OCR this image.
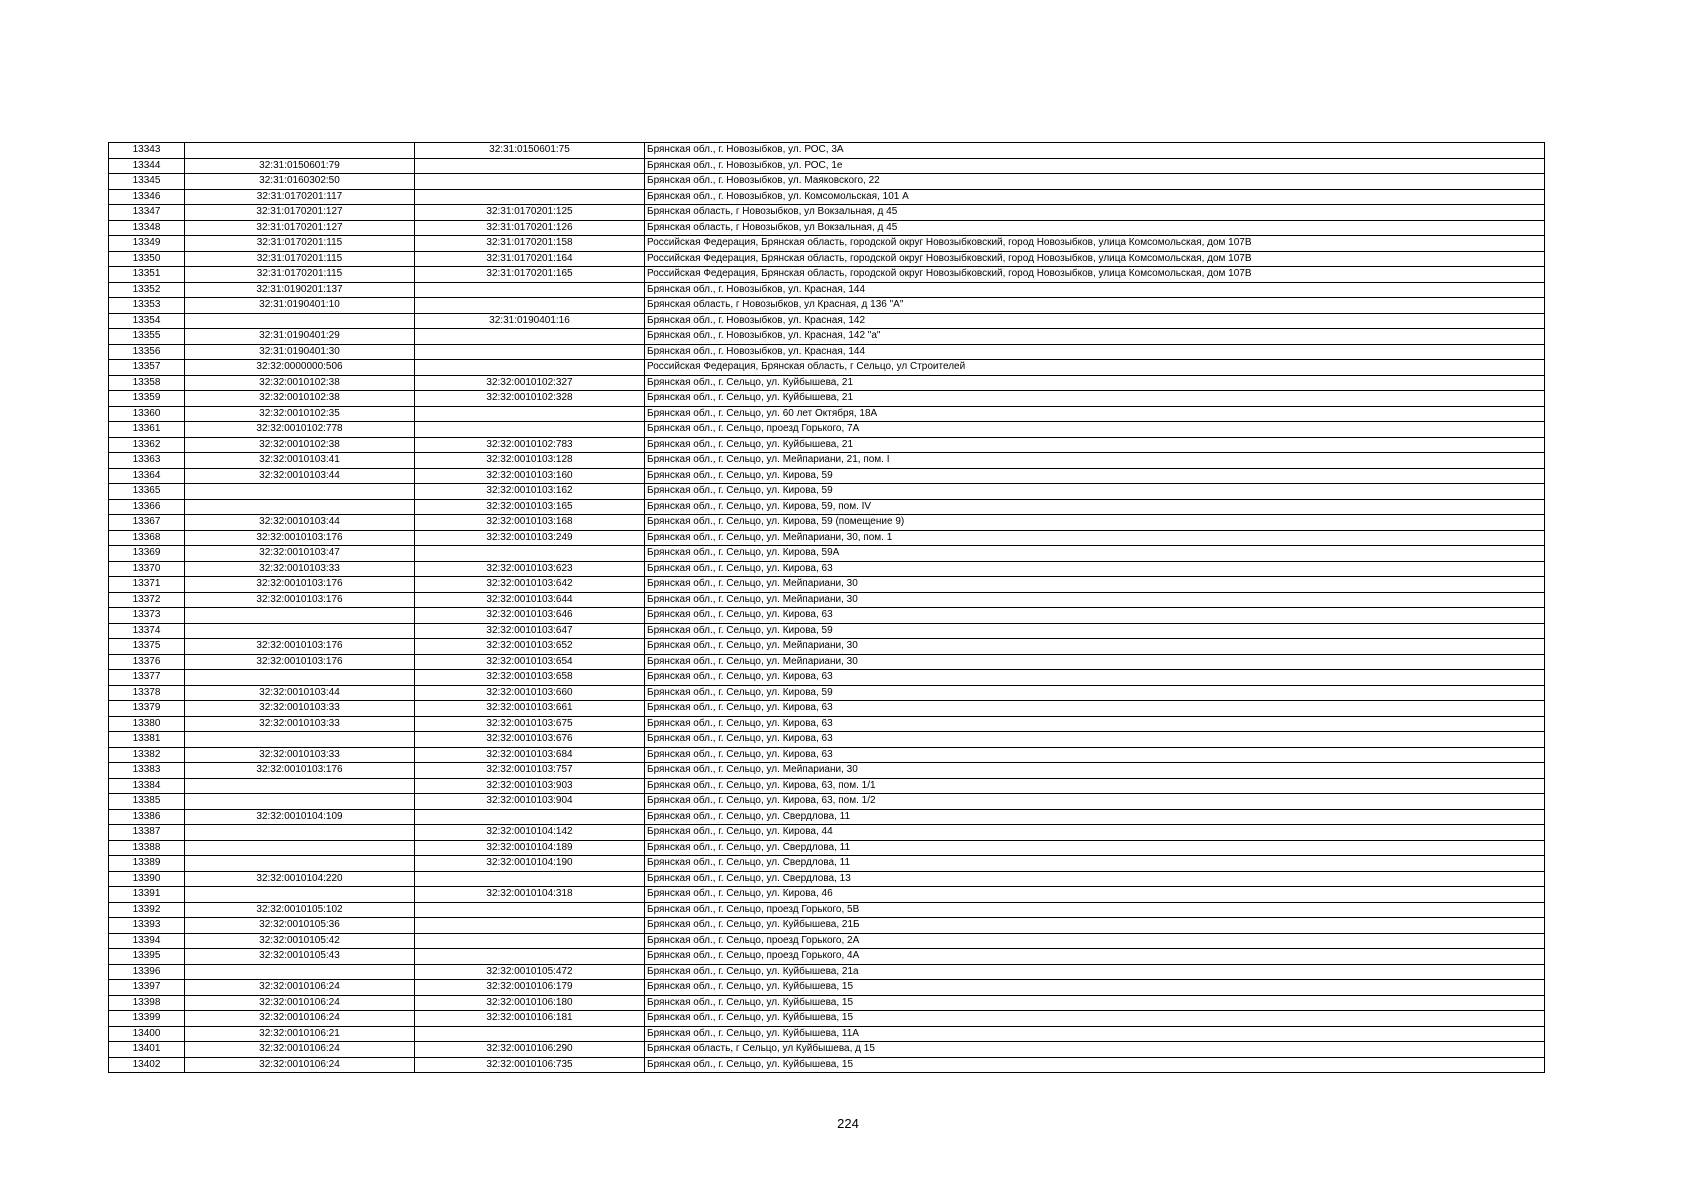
13343		32:31:0150601:75	Брянская обл., г. Новозыбков, ул. РОС, 3А
13344	32:31:0150601:79		Брянская обл., г. Новозыбков, ул. РОС, 1е
13345	32:31:0160302:50		Брянская обл., г. Новозыбков, ул. Маяковского, 22
13346	32:31:0170201:117		Брянская обл., г. Новозыбков, ул. Комсомольская, 101 А
13347	32:31:0170201:127	32:31:0170201:125	Брянская область, г Новозыбков, ул Вокзальная, д 45
13348	32:31:0170201:127	32:31:0170201:126	Брянская область, г Новозыбков, ул Вокзальная, д 45
13349	32:31:0170201:115	32:31:0170201:158	Российская Федерация, Брянская область, городской округ Новозыбковский, город Новозыбков, улица Комсомольская, дом 107В
13350	32:31:0170201:115	32:31:0170201:164	Российская Федерация, Брянская область, городской округ Новозыбковский, город Новозыбков, улица Комсомольская, дом 107В
13351	32:31:0170201:115	32:31:0170201:165	Российская Федерация, Брянская область, городской округ Новозыбковский, город Новозыбков, улица Комсомольская, дом 107В
13352	32:31:0190201:137		Брянская обл., г. Новозыбков, ул. Красная, 144
13353	32:31:0190401:10		Брянская область, г Новозыбков, ул Красная, д 136 "А"
13354		32:31:0190401:16	Брянская обл., г. Новозыбков, ул. Красная, 142
13355	32:31:0190401:29		Брянская обл., г. Новозыбков, ул. Красная, 142 "а"
13356	32:31:0190401:30		Брянская обл., г. Новозыбков, ул. Красная, 144
13357	32:32:0000000:506		Российская Федерация, Брянская область, г Сельцо, ул Строителей
13358	32:32:0010102:38	32:32:0010102:327	Брянская обл., г. Сельцо, ул. Куйбышева, 21
13359	32:32:0010102:38	32:32:0010102:328	Брянская обл., г. Сельцо, ул. Куйбышева, 21
13360	32:32:0010102:35		Брянская обл., г. Сельцо, ул. 60 лет Октября, 18А
13361	32:32:0010102:778		Брянская обл., г. Сельцо, проезд Горького, 7А
13362	32:32:0010102:38	32:32:0010102:783	Брянская обл., г. Сельцо, ул. Куйбышева, 21
13363	32:32:0010103:41	32:32:0010103:128	Брянская обл., г. Сельцо, ул. Мейпариани, 21, пом. I
13364	32:32:0010103:44	32:32:0010103:160	Брянская обл., г. Сельцо, ул. Кирова, 59
13365		32:32:0010103:162	Брянская обл., г. Сельцо, ул. Кирова, 59
13366		32:32:0010103:165	Брянская обл., г. Сельцо, ул. Кирова, 59, пом. IV
13367	32:32:0010103:44	32:32:0010103:168	Брянская обл., г. Сельцо, ул. Кирова, 59 (помещение 9)
13368	32:32:0010103:176	32:32:0010103:249	Брянская обл., г. Сельцо, ул. Мейпариани, 30, пом. 1
13369	32:32:0010103:47		Брянская обл., г. Сельцо, ул. Кирова, 59А
13370	32:32:0010103:33	32:32:0010103:623	Брянская обл., г. Сельцо, ул. Кирова, 63
13371	32:32:0010103:176	32:32:0010103:642	Брянская обл., г. Сельцо, ул. Мейпариани, 30
13372	32:32:0010103:176	32:32:0010103:644	Брянская обл., г. Сельцо, ул. Мейпариани, 30
13373		32:32:0010103:646	Брянская обл., г. Сельцо, ул. Кирова, 63
13374		32:32:0010103:647	Брянская обл., г. Сельцо, ул. Кирова, 59
13375	32:32:0010103:176	32:32:0010103:652	Брянская обл., г. Сельцо, ул. Мейпариани, 30
13376	32:32:0010103:176	32:32:0010103:654	Брянская обл., г. Сельцо, ул. Мейпариани, 30
13377		32:32:0010103:658	Брянская обл., г. Сельцо, ул. Кирова, 63
13378	32:32:0010103:44	32:32:0010103:660	Брянская обл., г. Сельцо, ул. Кирова, 59
13379	32:32:0010103:33	32:32:0010103:661	Брянская обл., г. Сельцо, ул. Кирова, 63
13380	32:32:0010103:33	32:32:0010103:675	Брянская обл., г. Сельцо, ул. Кирова, 63
13381		32:32:0010103:676	Брянская обл., г. Сельцо, ул. Кирова, 63
13382	32:32:0010103:33	32:32:0010103:684	Брянская обл., г. Сельцо, ул. Кирова, 63
13383	32:32:0010103:176	32:32:0010103:757	Брянская обл., г. Сельцо, ул. Мейпариани, 30
13384		32:32:0010103:903	Брянская обл., г. Сельцо, ул. Кирова, 63, пом. 1/1
13385		32:32:0010103:904	Брянская обл., г. Сельцо, ул. Кирова, 63, пом. 1/2
13386	32:32:0010104:109		Брянская обл., г. Сельцо, ул. Свердлова, 11
13387		32:32:0010104:142	Брянская обл., г. Сельцо, ул. Кирова, 44
13388		32:32:0010104:189	Брянская обл., г. Сельцо, ул. Свердлова, 11
13389		32:32:0010104:190	Брянская обл., г. Сельцо, ул. Свердлова, 11
13390	32:32:0010104:220		Брянская обл., г. Сельцо, ул. Свердлова, 13
13391		32:32:0010104:318	Брянская обл., г. Сельцо, ул. Кирова, 46
13392	32:32:0010105:102		Брянская обл., г. Сельцо, проезд Горького, 5В
13393	32:32:0010105:36		Брянская обл., г. Сельцо, ул. Куйбышева, 21Б
13394	32:32:0010105:42		Брянская обл., г. Сельцо, проезд Горького, 2А
13395	32:32:0010105:43		Брянская обл., г. Сельцо, проезд Горького, 4А
13396		32:32:0010105:472	Брянская обл., г. Сельцо, ул. Куйбышева, 21а
13397	32:32:0010106:24	32:32:0010106:179	Брянская обл., г. Сельцо, ул. Куйбышева, 15
13398	32:32:0010106:24	32:32:0010106:180	Брянская обл., г. Сельцо, ул. Куйбышева, 15
13399	32:32:0010106:24	32:32:0010106:181	Брянская обл., г. Сельцо, ул. Куйбышева, 15
13400	32:32:0010106:21		Брянская обл., г. Сельцо, ул. Куйбышева, 11А
13401	32:32:0010106:24	32:32:0010106:290	Брянская область, г Сельцо, ул Куйбышева, д 15
13402	32:32:0010106:24	32:32:0010106:735	Брянская обл., г. Сельцо, ул. Куйбышева, 15
224
